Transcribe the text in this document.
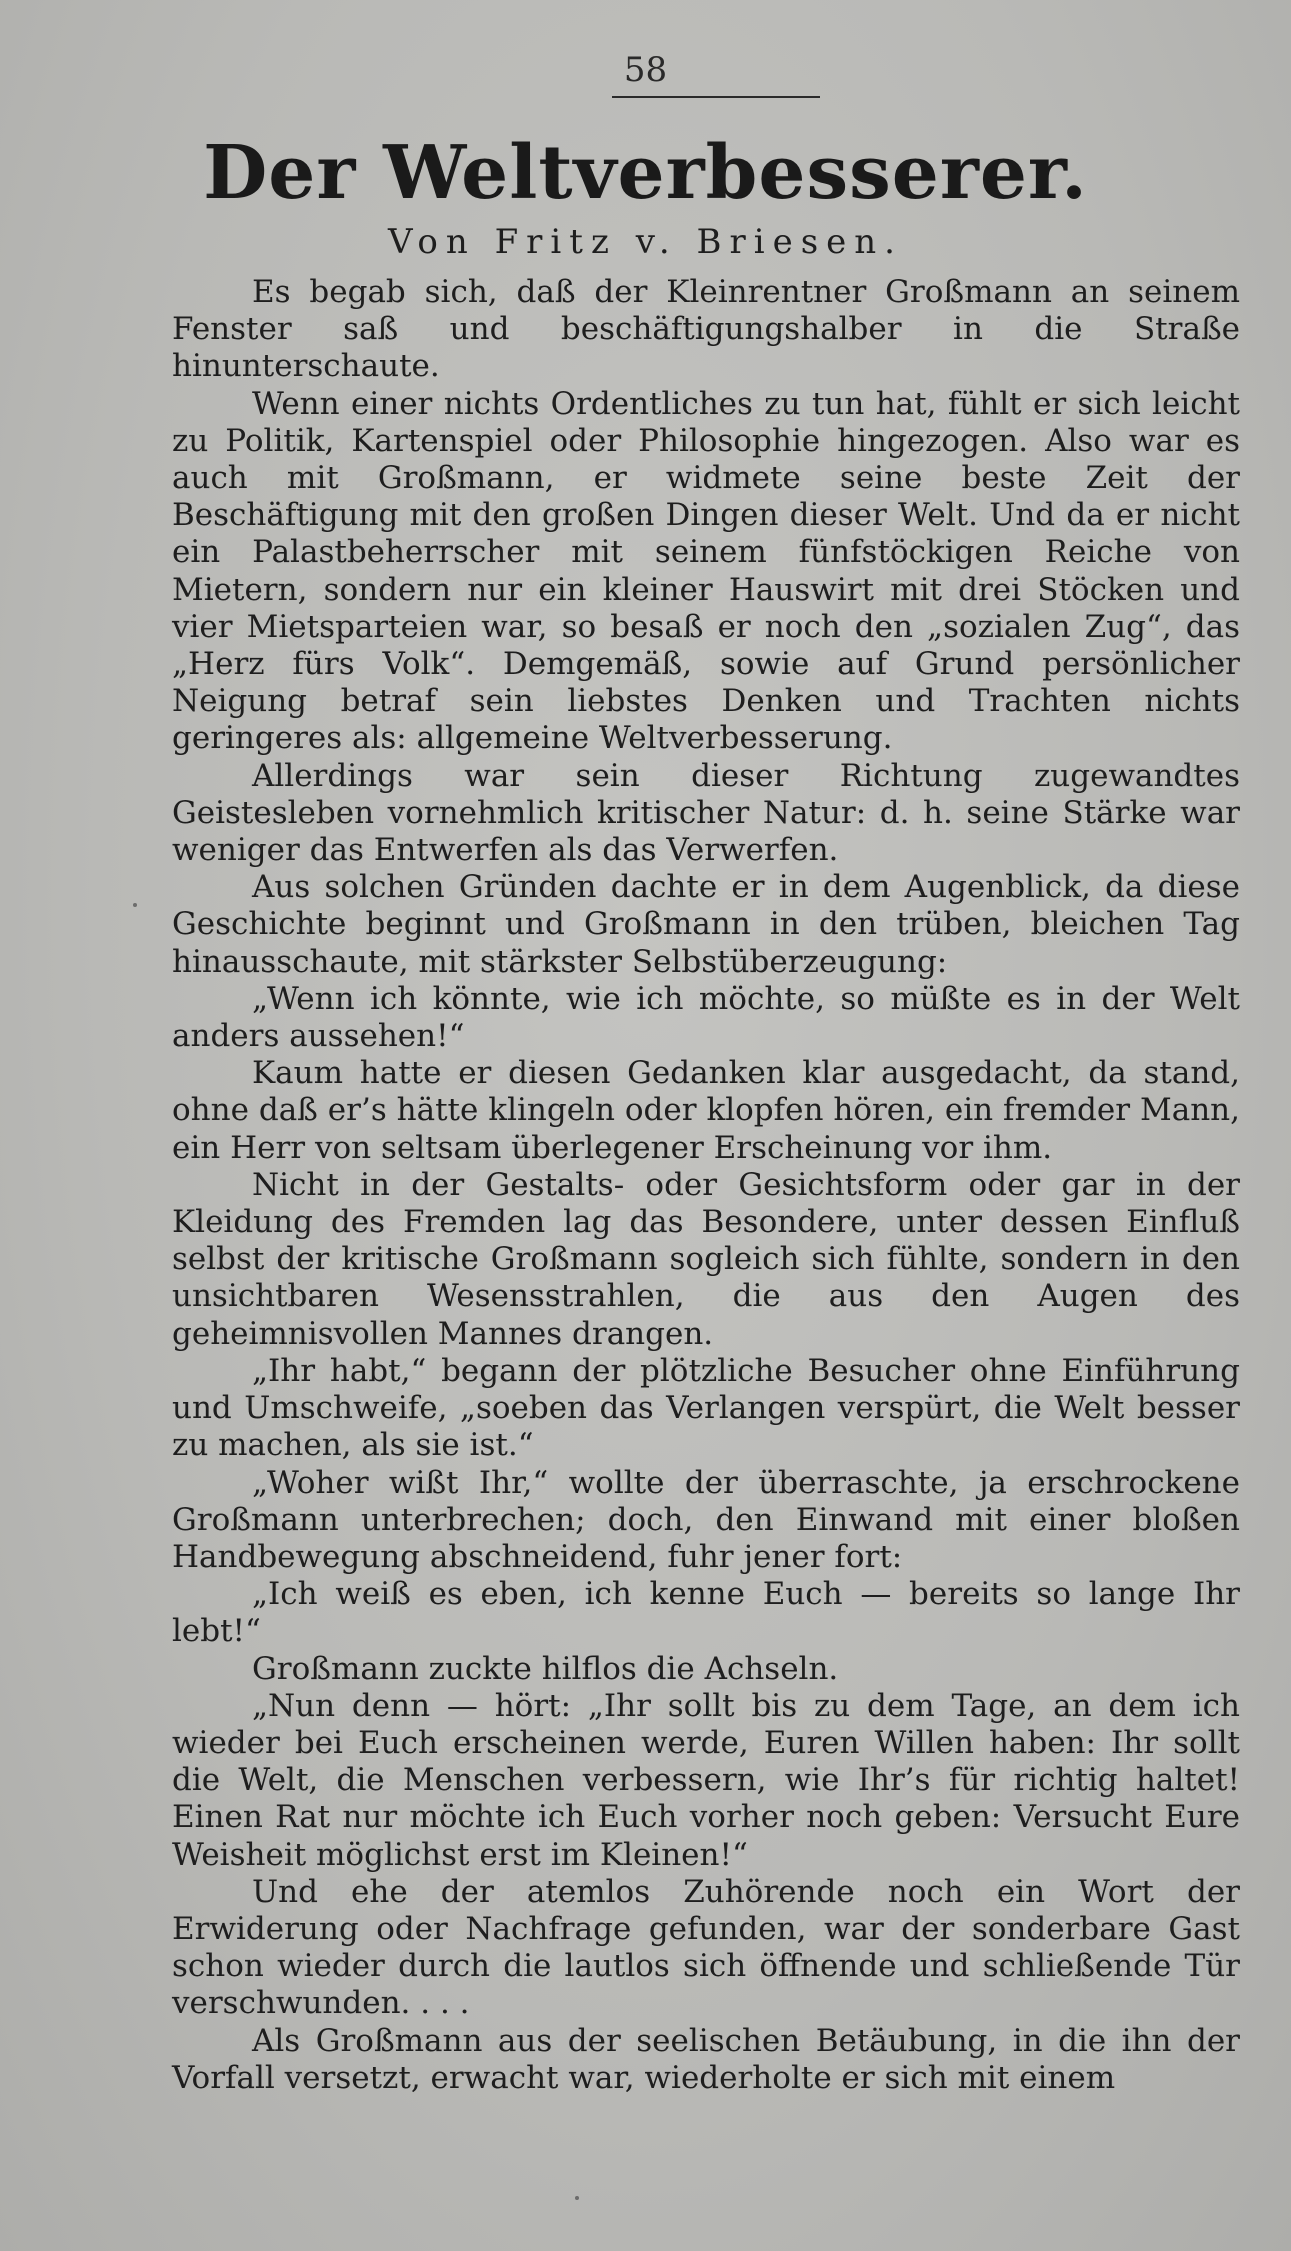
58
Der Weltverbesserer.
Von Fritz v. Briesen.

Es begab sich, daß der Kleinrentner Großmann an seinem Fenster saß und beschäftigungshalber in die Straße hinunterschaute.

Wenn einer nichts Ordentliches zu tun hat, fühlt er sich leicht zu Politik, Kartenspiel oder Philosophie hingezogen. Also war es auch mit Großmann, er widmete seine beste Zeit der Beschäftigung mit den großen Dingen dieser Welt. Und da er nicht ein Palastbeherrscher mit seinem fünfstöckigen Reiche von Mietern, sondern nur ein kleiner Hauswirt mit drei Stöcken und vier Mietsparteien war, so besaß er noch den „sozialen Zug“, das „Herz fürs Volk“. Demgemäß, sowie auf Grund persönlicher Neigung betraf sein liebstes Denken und Trachten nichts geringeres als: allgemeine Weltverbesserung.

Allerdings war sein dieser Richtung zugewandtes Geistesleben vornehmlich kritischer Natur: d. h. seine Stärke war weniger das Entwerfen als das Verwerfen.

Aus solchen Gründen dachte er in dem Augenblick, da diese Geschichte beginnt und Großmann in den trüben, bleichen Tag hinausschaute, mit stärkster Selbstüberzeugung:

„Wenn ich könnte, wie ich möchte, so müßte es in der Welt anders aussehen!“

Kaum hatte er diesen Gedanken klar ausgedacht, da stand, ohne daß er’s hätte klingeln oder klopfen hören, ein fremder Mann, ein Herr von seltsam überlegener Erscheinung vor ihm.

Nicht in der Gestalts- oder Gesichtsform oder gar in der Kleidung des Fremden lag das Besondere, unter dessen Einfluß selbst der kritische Großmann sogleich sich fühlte, sondern in den unsichtbaren Wesensstrahlen, die aus den Augen des geheimnisvollen Mannes drangen.

„Ihr habt,“ begann der plötzliche Besucher ohne Einführung und Umschweife, „soeben das Verlangen verspürt, die Welt besser zu machen, als sie ist.“

„Woher wißt Ihr,“ wollte der überraschte, ja erschrockene Großmann unterbrechen; doch, den Einwand mit einer bloßen Handbewegung abschneidend, fuhr jener fort:

„Ich weiß es eben, ich kenne Euch — bereits so lange Ihr lebt!“

Großmann zuckte hilflos die Achseln.

„Nun denn — hört: „Ihr sollt bis zu dem Tage, an dem ich wieder bei Euch erscheinen werde, Euren Willen haben: Ihr sollt die Welt, die Menschen verbessern, wie Ihr’s für richtig haltet! Einen Rat nur möchte ich Euch vorher noch geben: Versucht Eure Weisheit möglichst erst im Kleinen!“

Und ehe der atemlos Zuhörende noch ein Wort der Erwiderung oder Nachfrage gefunden, war der sonderbare Gast schon wieder durch die lautlos sich öffnende und schließende Tür verschwunden. . . .

Als Großmann aus der seelischen Betäubung, in die ihn der Vorfall versetzt, erwacht war, wiederholte er sich mit einem
